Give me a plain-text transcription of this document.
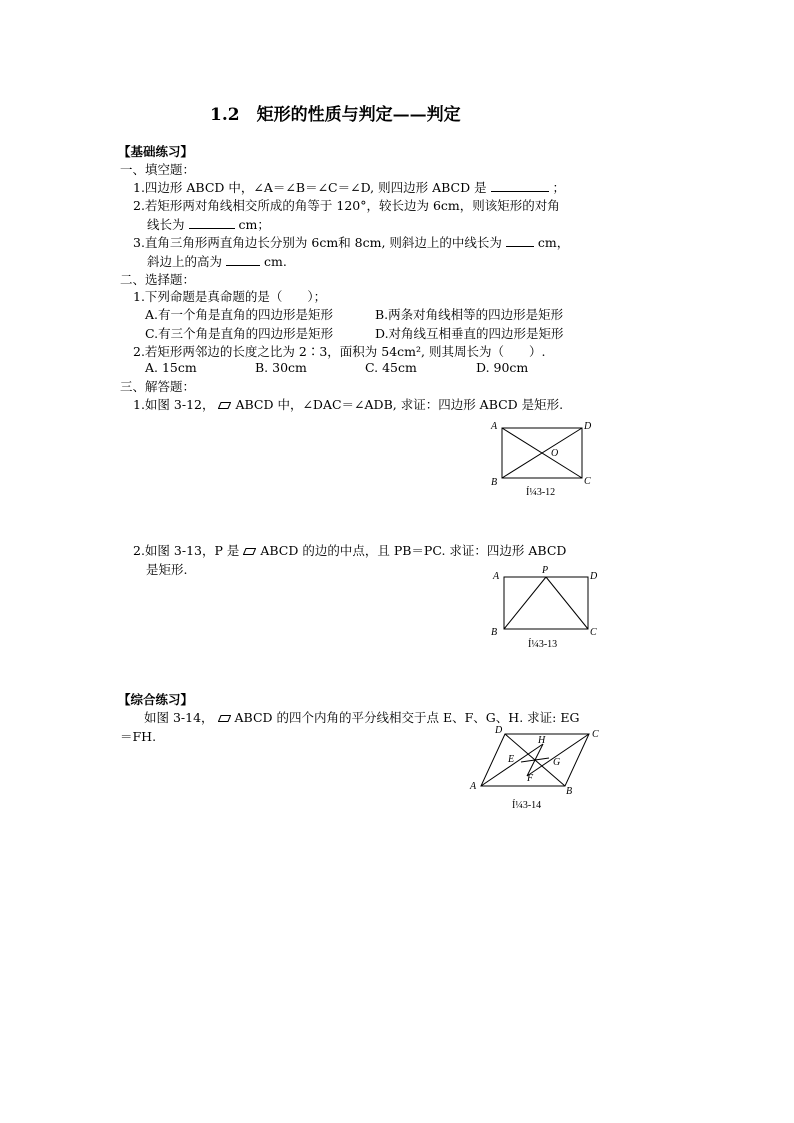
1.2　矩形的性质与判定——判定
【基础练习】
一、填空题：
1.四边形 ABCD 中，∠A＝∠B＝∠C＝∠D, 则四边形 ABCD 是	；
2.若矩形两对角线相交所成的角等于 120°，较长边为 6cm，则该矩形的对角
线长为	cm；
3.直角三角形两直角边长分别为 6cm和 8cm, 则斜边上的中线长为	cm，
斜边上的高为	cm.
二、选择题：
1.下列命题是真命题的是（　　）；
A.有一个角是直角的四边形是矩形	B.两条对角线相等的四边形是矩形
C.有三个角是直角的四边形是矩形	D.对角线互相垂直的四边形是矩形
2.若矩形两邻边的长度之比为 2∶3，面积为 54cm², 则其周长为（　　）.
A. 15cm	B. 30cm	C. 45cm	D. 90cm
三、解答题：
1.如图 3-12， ABCD 中，∠DAC＝∠ADB, 求证：四边形 ABCD 是矩形.
A	D
B	C
O
Í¼3-12
2.如图 3-13，P 是 ABCD 的边的中点，且 PB＝PC. 求证：四边形 ABCD
是矩形.	A
P
D
B	C
Í¼3-13
【综合练习】
如图 3-14， ABCD 的四个内角的平分线相交于点 E、F、G、H. 求证: EG
＝FH.	D	C
A	B
E
H
G
F
Í¼3-14
